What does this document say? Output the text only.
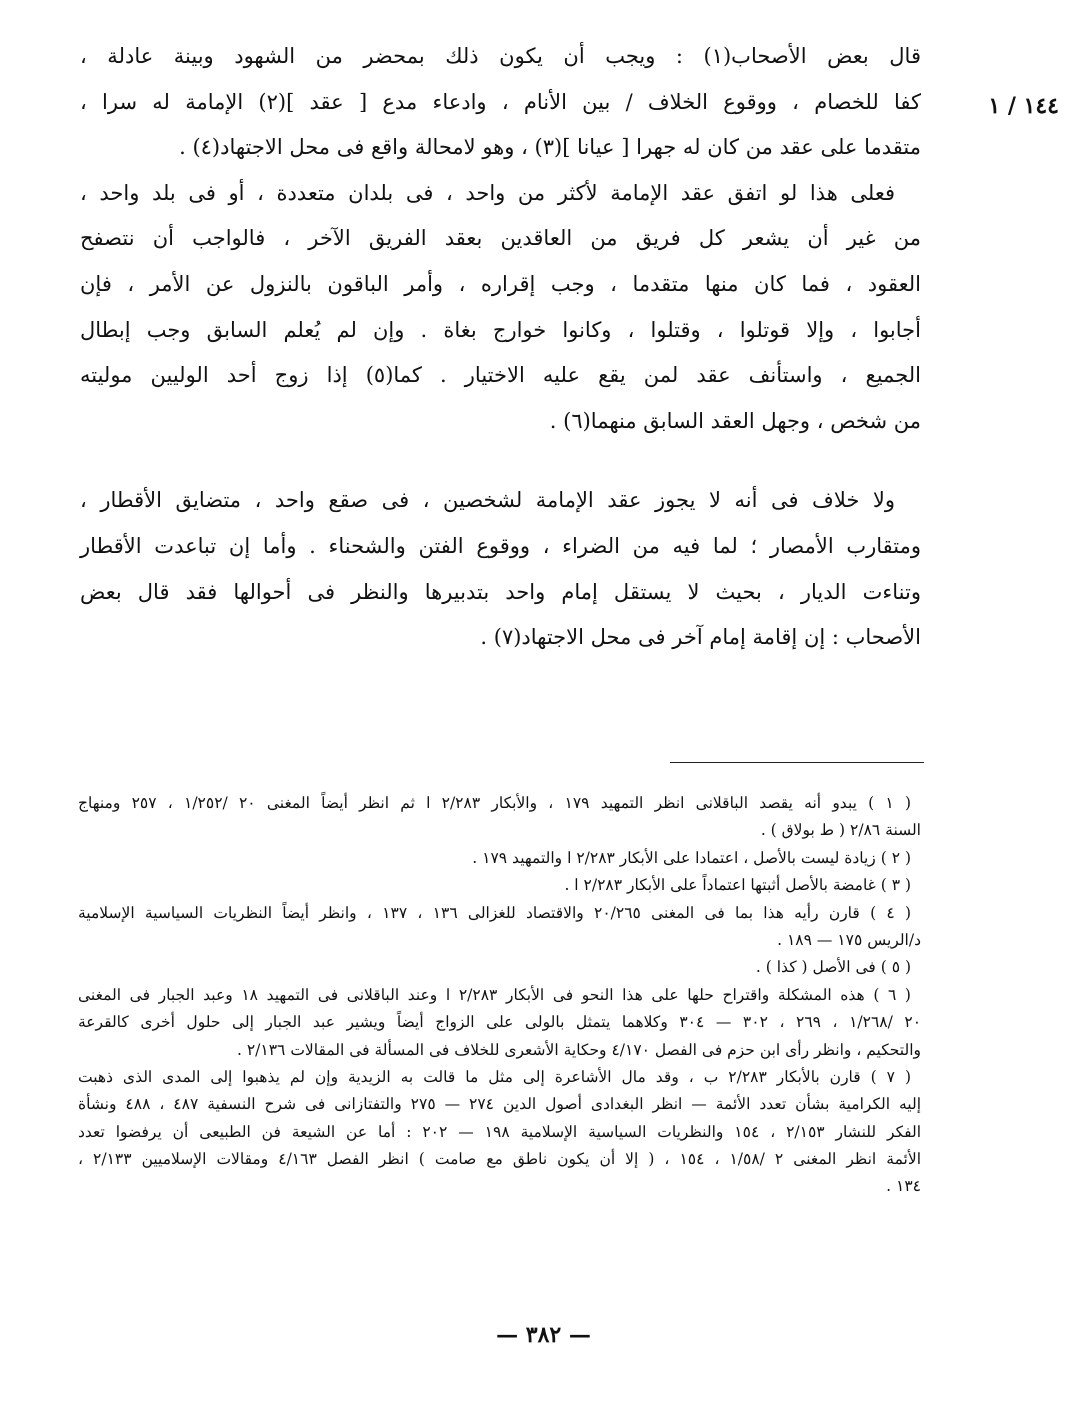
١٤٤ / ١
قال بعض الأصحاب(١) : ويجب أن يكون ذلك بمحضر من الشهود وبينة عادلة ،
كفا للخصام ، ووقوع الخلاف / بين الأنام ، وادعاء مدع [ عقد ](٢) الإمامة له سرا ،
متقدما على عقد من كان له جهرا [ عيانا ](٣) ، وهو لامحالة واقع فى محل الاجتهاد(٤) .
فعلى هذا لو اتفق عقد الإمامة لأكثر من واحد ، فى بلدان متعددة ، أو فى بلد واحد ،
من غير أن يشعر كل فريق من العاقدين بعقد الفريق الآخر ، فالواجب أن نتصفح
العقود ، فما كان منها متقدما ، وجب إقراره ، وأمر الباقون بالنزول عن الأمر ، فإن
أجابوا ، وإلا قوتلوا ، وقتلوا ، وكانوا خوارج بغاة . وإن لم يُعلم السابق وجب إبطال
الجميع ، واستأنف عقد لمن يقع عليه الاختيار . كما(٥) إذا زوج أحد الوليين موليته
من شخص ، وجهل العقد السابق منهما(٦) .
ولا خلاف فى أنه لا يجوز عقد الإمامة لشخصين ، فى صقع واحد ، متضايق الأقطار ،
ومتقارب الأمصار ؛ لما فيه من الضراء ، ووقوع الفتن والشحناء . وأما إن تباعدت الأقطار
وتناءت الديار ، بحيث لا يستقل إمام واحد بتدبيرها والنظر فى أحوالها فقد قال بعض
الأصحاب : إن إقامة إمام آخر فى محل الاجتهاد(٧) .
( ١ ) يبدو أنه يقصد الباقلانى انظر التمهيد ١٧٩ ، والأبكار ٢/٢٨٣ ا ثم انظر أيضاً المغنى ٢٠ /١/٢٥٢ ، ٢٥٧ ومنهاج
السنة ٢/٨٦ ( ط بولاق ) .
( ٢ ) زيادة ليست بالأصل ، اعتمادا على الأبكار ٢/٢٨٣ ا والتمهيد ١٧٩ .
( ٣ ) غامضة بالأصل أثبتها اعتماداً على الأبكار ٢/٢٨٣ ا .
( ٤ ) قارن رأيه هذا بما فى المغنى ٢٠/٢٦٥ والاقتصاد للغزالى ١٣٦ ، ١٣٧ ، وانظر أيضاً النظريات السياسية الإسلامية
د/الريس ١٧٥ — ١٨٩ .
( ٥ ) فى الأصل ( كذا ) .
( ٦ ) هذه المشكلة واقتراح حلها على هذا النحو فى الأبكار ٢/٢٨٣ ا وعند الباقلانى فى التمهيد ١٨ وعبد الجبار فى المغنى
٢٠ /١/٢٦٨ ، ٢٦٩ ، ٣٠٢ — ٣٠٤ وكلاهما يتمثل بالولى على الزواج أيضاً ويشير عبد الجبار إلى حلول أخرى كالقرعة
والتحكيم ، وانظر رأى ابن حزم فى الفصل ٤/١٧٠ وحكاية الأشعرى للخلاف فى المسألة فى المقالات ٢/١٣٦ .
( ٧ ) قارن بالأبكار ٢/٢٨٣ ب ، وقد مال الأشاعرة إلى مثل ما قالت به الزيدية وإن لم يذهبوا إلى المدى الذى ذهبت
إليه الكرامية بشأن تعدد الأئمة — انظر البغدادى أصول الدين ٢٧٤ — ٢٧٥ والتفتازانى فى شرح النسفية ٤٨٧ ، ٤٨٨ ونشأة
الفكر للنشار ٢/١٥٣ ، ١٥٤ والنظريات السياسية الإسلامية ١٩٨ — ٢٠٢ : أما عن الشيعة فن الطبيعى أن يرفضوا تعدد
الأئمة انظر المغنى ٢ /١/٥٨ ، ١٥٤ ، ( إلا أن يكون ناطق مع صامت ) انظر الفصل ٤/١٦٣ ومقالات الإسلاميين ٢/١٣٣ ،
١٣٤ .
— ٣٨٢ —
